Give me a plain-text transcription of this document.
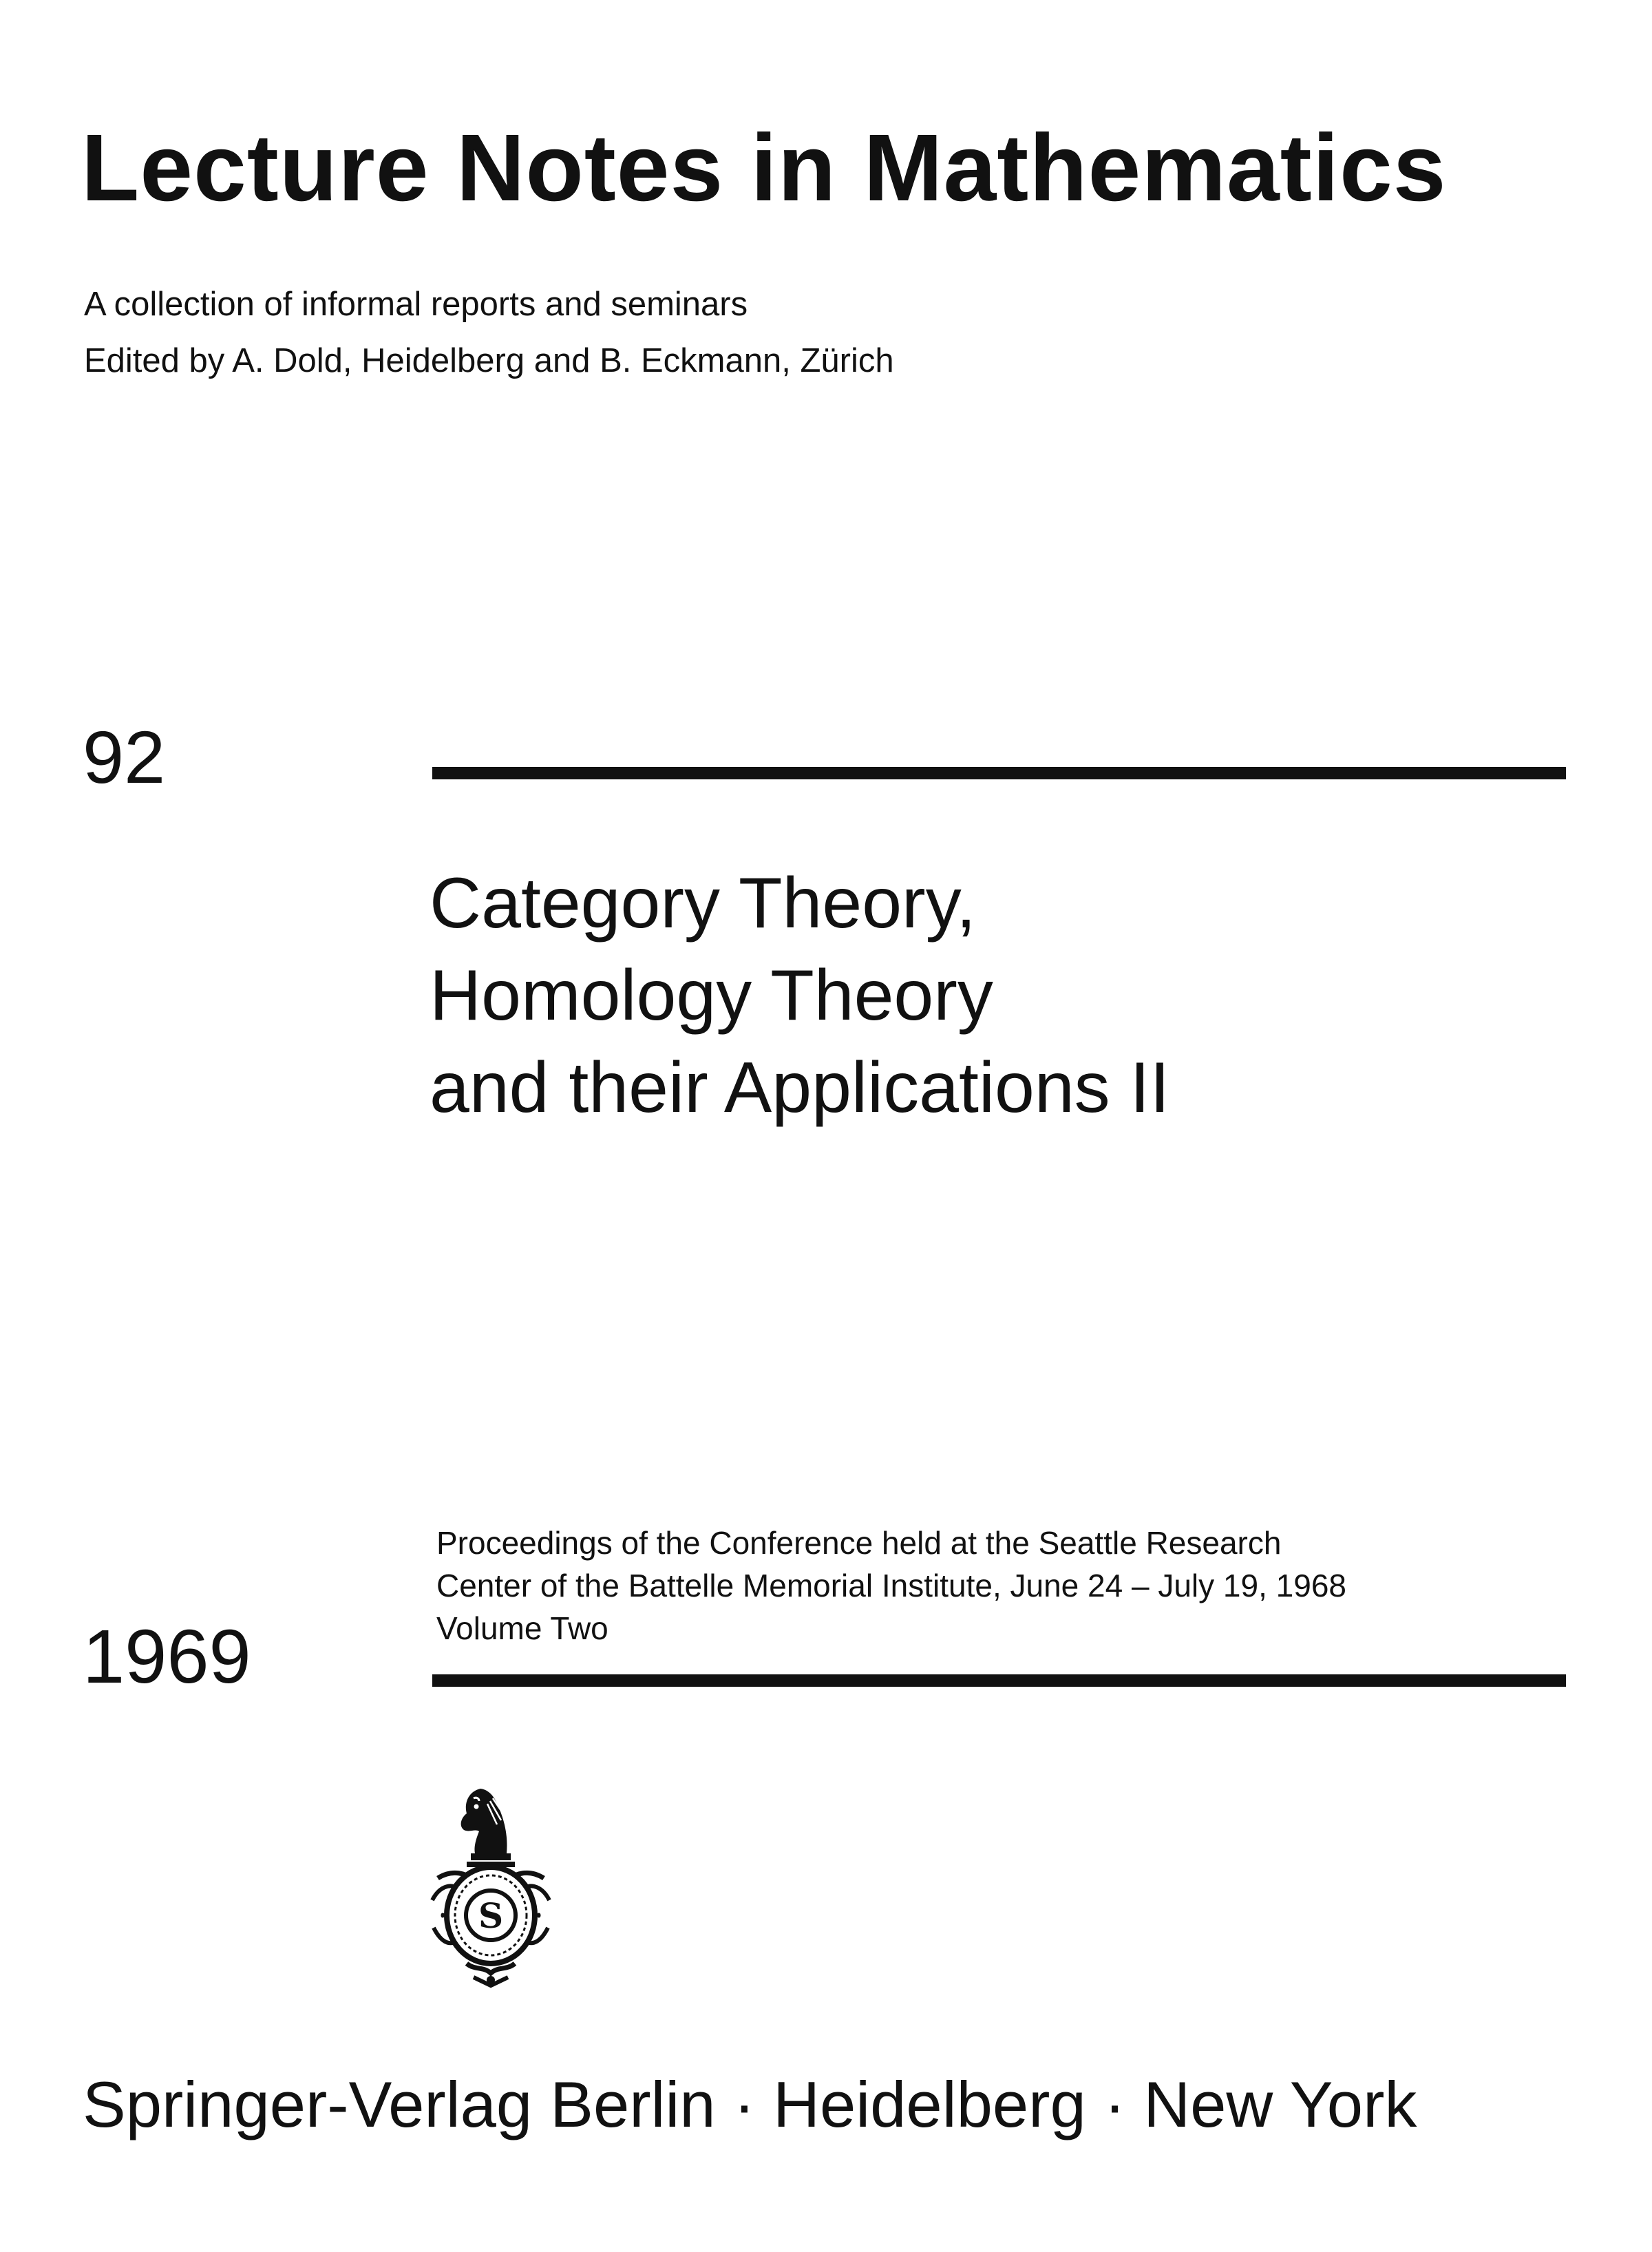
Lecture Notes in Mathematics
A collection of informal reports and seminars
Edited by A. Dold, Heidelberg and B. Eckmann, Zürich
92
Category Theory,
Homology Theory
and their Applications II
Proceedings of the Conference held at the Seattle Research
Center of the Battelle Memorial Institute, June 24 – July 19, 1968
Volume Two
1969
S
Springer-Verlag Berlin · Heidelberg · New York
